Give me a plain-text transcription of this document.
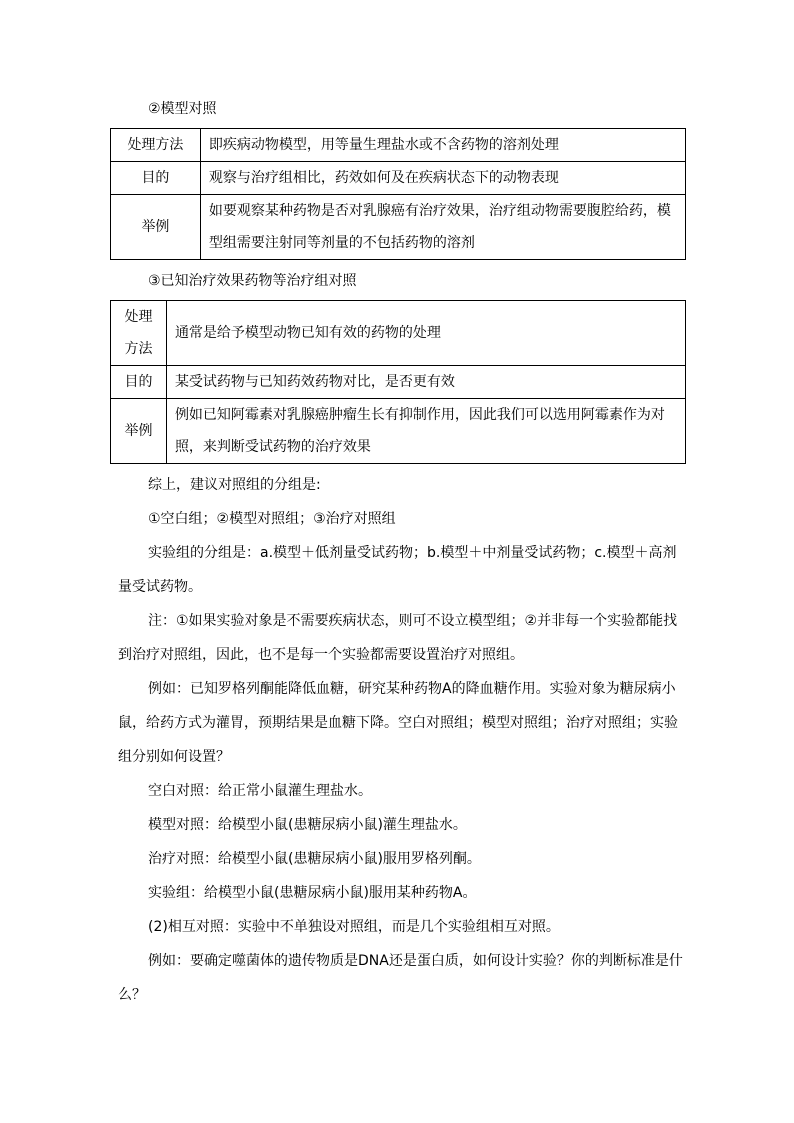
②模型对照
处理方法	即疾病动物模型，用等量生理盐水或不含药物的溶剂处理
目的	观察与治疗组相比，药效如何及在疾病状态下的动物表现
举例	如要观察某种药物是否对乳腺癌有治疗效果，治疗组动物需要腹腔给药，模型组需要注射同等剂量的不包括药物的溶剂
③已知治疗效果药物等治疗组对照
处理方法	通常是给予模型动物已知有效的药物的处理
目的	某受试药物与已知药效药物对比，是否更有效
举例	例如已知阿霉素对乳腺癌肿瘤生长有抑制作用，因此我们可以选用阿霉素作为对照，来判断受试药物的治疗效果
综上，建议对照组的分组是:
①空白组；②模型对照组；③治疗对照组
实验组的分组是：a.模型＋低剂量受试药物；b.模型＋中剂量受试药物；c.模型＋高剂量受试药物。
注：①如果实验对象是不需要疾病状态，则可不设立模型组；②并非每一个实验都能找到治疗对照组，因此，也不是每一个实验都需要设置治疗对照组。
例如：已知罗格列酮能降低血糖，研究某种药物A的降血糖作用。实验对象为糖尿病小鼠，给药方式为灌胃，预期结果是血糖下降。空白对照组；模型对照组；治疗对照组；实验组分别如何设置？
空白对照：给正常小鼠灌生理盐水。
模型对照：给模型小鼠(患糖尿病小鼠)灌生理盐水。
治疗对照：给模型小鼠(患糖尿病小鼠)服用罗格列酮。
实验组：给模型小鼠(患糖尿病小鼠)服用某种药物A。
(2)相互对照：实验中不单独设对照组，而是几个实验组相互对照。
例如：要确定噬菌体的遗传物质是DNA还是蛋白质，如何设计实验？你的判断标准是什么？
